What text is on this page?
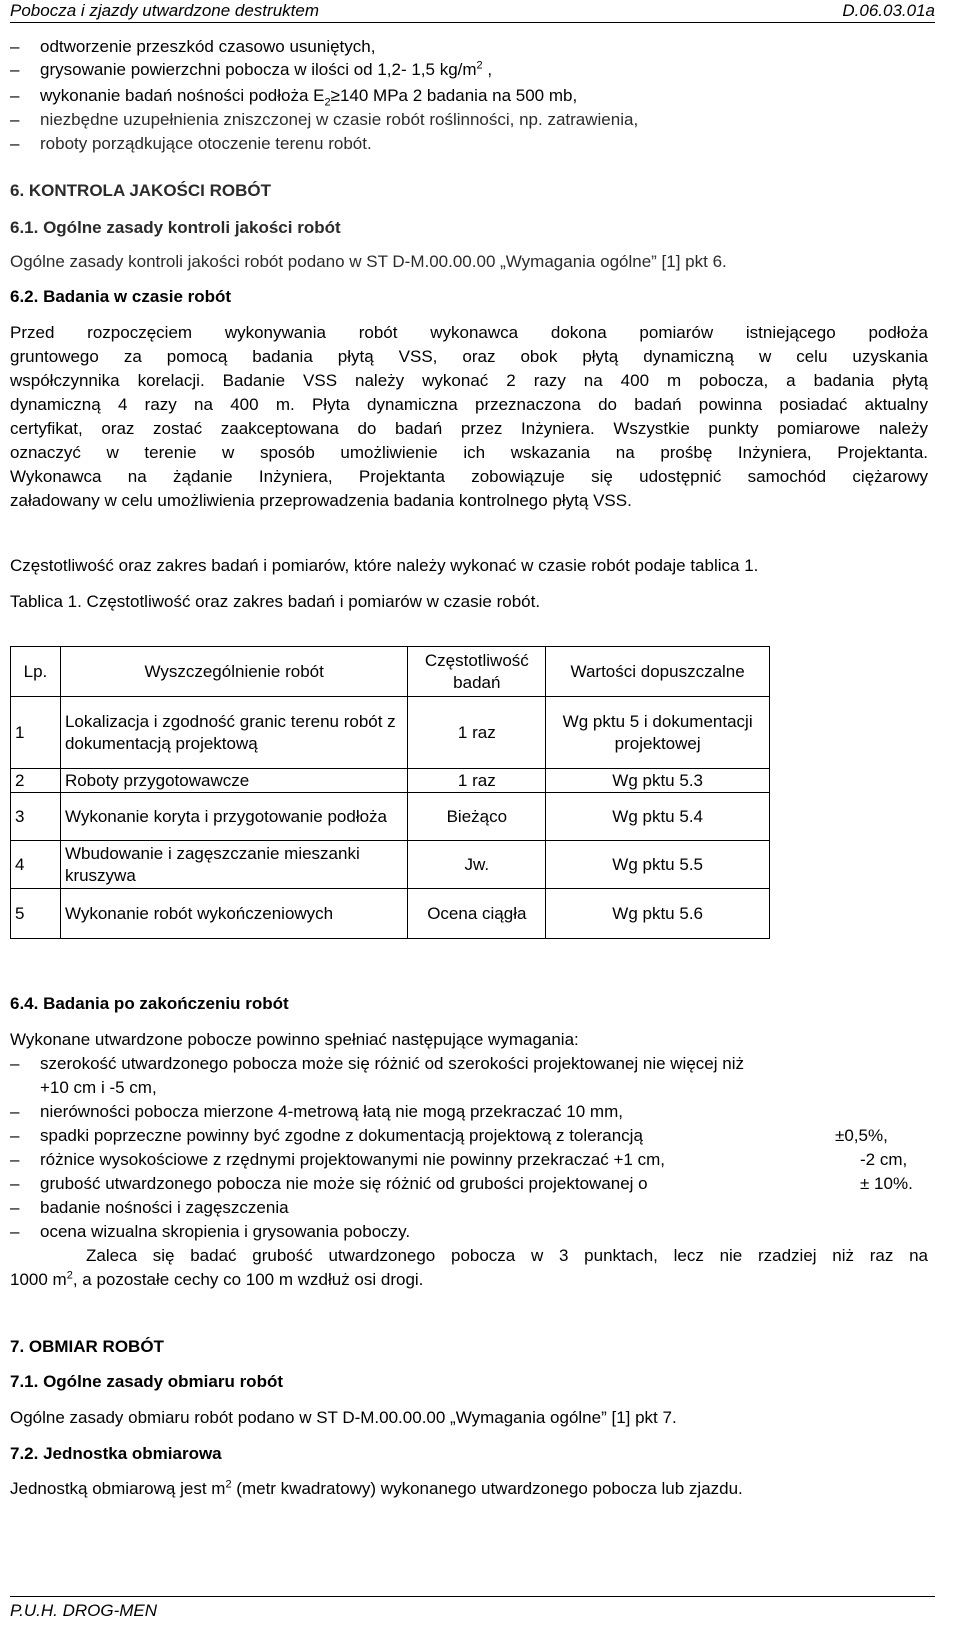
Pobocza i zjazdy utwardzone destruktem	D.06.03.01a
– odtworzenie przeszkód czasowo usuniętych,
– grysowanie powierzchni pobocza w ilości od 1,2- 1,5 $kg/m^2$ ,
– wykonanie badań nośności podłoża $E_2\ge 140$ MPa 2 badania na 500 mb,
– niezbędne uzupełnienia zniszczonej w czasie robót roślinności, np. zatrawienia,
– roboty porządkujące otoczenie terenu robót.
6. KONTROLA JAKOŚCI ROBÓT
6.1. Ogólne zasady kontroli jakości robót
Ogólne zasady kontroli jakości robót podano w ST D-M.00.00.00 „Wymagania ogólne” [1] pkt 6.
6.2. Badania w czasie robót
Przed rozpoczęciem wykonywania robót wykonawca dokona pomiarów istniejącego podłoża
gruntowego za pomocą badania płytą VSS, oraz obok płytą dynamiczną w celu uzyskania
współczynnika korelacji. Badanie VSS należy wykonać 2 razy na 400 m pobocza, a badania płytą
dynamiczną 4 razy na 400 m. Płyta dynamiczna przeznaczona do badań powinna posiadać aktualny
certyfikat, oraz zostać zaakceptowana do badań przez Inżyniera. Wszystkie punkty pomiarowe należy
oznaczyć w terenie w sposób umożliwienie ich wskazania na prośbę Inżyniera, Projektanta.
Wykonawca na żądanie Inżyniera, Projektanta zobowiązuje się udostępnić samochód ciężarowy
załadowany w celu umożliwienia przeprowadzenia badania kontrolnego płytą VSS.
Częstotliwość oraz zakres badań i pomiarów, które należy wykonać w czasie robót podaje tablica 1.
Tablica 1. Częstotliwość oraz zakres badań i pomiarów w czasie robót.
Lp.	Wyszczególnienie robót	Częstotliwość badań	Wartości dopuszczalne
1	Lokalizacja i zgodność granic terenu robót z dokumentacją projektową	1 raz	Wg pktu 5 i dokumentacji projektowej
2	Roboty przygotowawcze	1 raz	Wg pktu 5.3
3	Wykonanie koryta i przygotowanie podłoża	Bieżąco	Wg pktu 5.4
4	Wbudowanie i zagęszczanie mieszanki kruszywa	Jw.	Wg pktu 5.5
5	Wykonanie robót wykończeniowych	Ocena ciągła	Wg pktu 5.6
6.4. Badania po zakończeniu robót
Wykonane utwardzone pobocze powinno spełniać następujące wymagania:
– szerokość utwardzonego pobocza może się różnić od szerokości projektowanej nie więcej niż
+10 cm i -5 cm,
– nierówności pobocza mierzone 4-metrową łatą nie mogą przekraczać 10 mm,
– spadki poprzeczne powinny być zgodne z dokumentacją projektową z tolerancją	±0,5%,
– różnice wysokościowe z rzędnymi projektowanymi nie powinny przekraczać +1 cm,	-2 cm,
– grubość utwardzonego pobocza nie może się różnić od grubości projektowanej o	± 10%.
– badanie nośności i zagęszczenia
– ocena wizualna skropienia i grysowania poboczy.
Zaleca się badać grubość utwardzonego pobocza w 3 punktach, lecz nie rzadziej niż raz na
1000 $m^2$, a pozostałe cechy co 100 m wzdłuż osi drogi.
7. OBMIAR ROBÓT
7.1. Ogólne zasady obmiaru robót
Ogólne zasady obmiaru robót podano w ST D-M.00.00.00 „Wymagania ogólne” [1] pkt 7.
7.2. Jednostka obmiarowa
Jednostką obmiarową jest $m^2$ (metr kwadratowy) wykonanego utwardzonego pobocza lub zjazdu.
P.U.H. DROG-MEN
